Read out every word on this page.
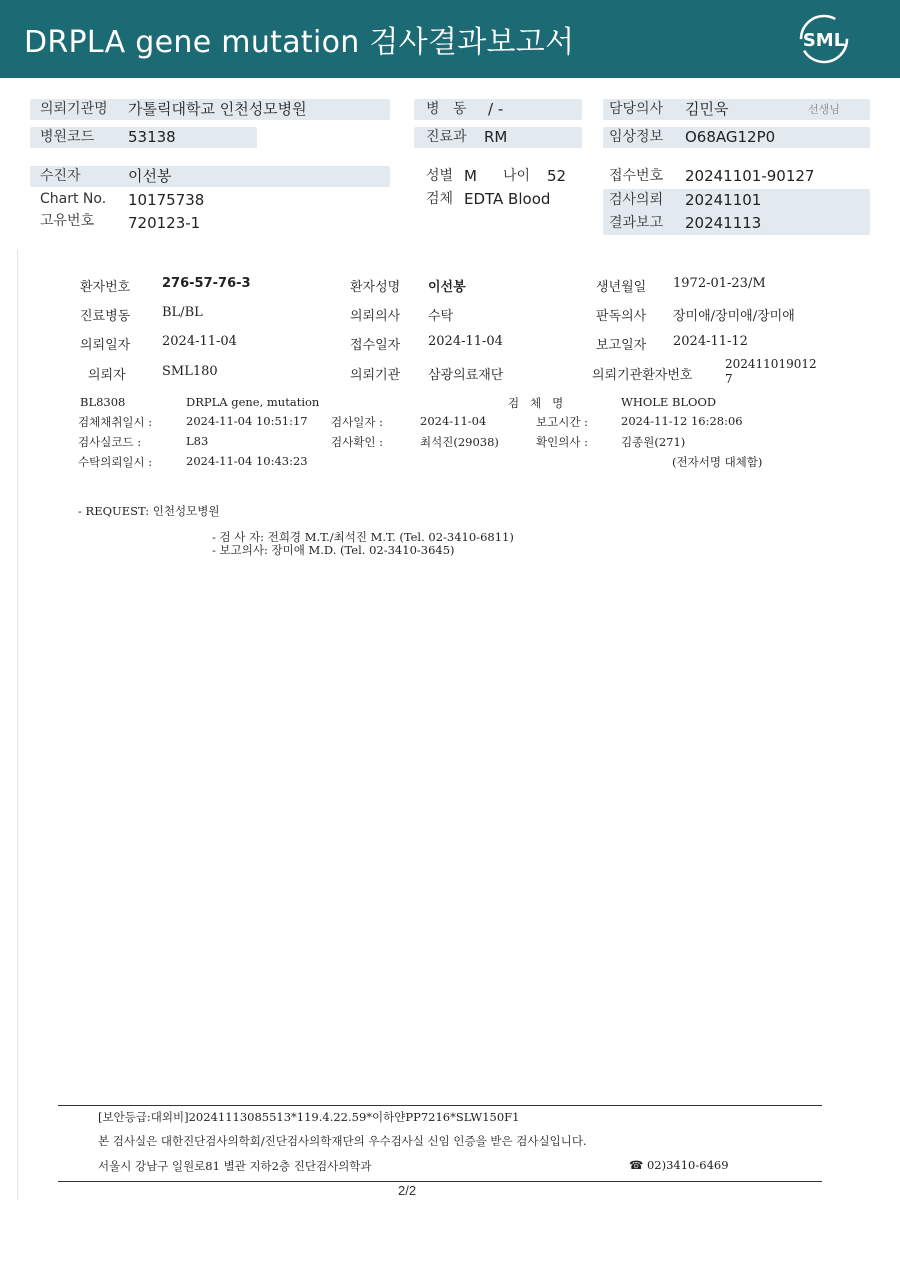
DRPLA gene mutation 검사결과보고서	SML
의뢰기관명 가톨릭대학교 인천성모병원
병원코드 53138
병   동 / -
진료과 RM
담당의사 김민욱	선생님
임상정보 O68AG12P0
수진자	이선봉	성별 M 나이 52	접수번호 20241101-90127
Chart No. 10175738	검체 EDTA Blood	검사의뢰 20241101
고유번호 720123-1	결과보고 20241113
환자번호 276-57-76-3	환자성명 이선봉	생년월일 1972-01-23/M
진료병동 BL/BL	의뢰의사 수탁	판독의사 장미애/장미애/장미애
의뢰일자 2024-11-04	접수일자 2024-11-04	보고일자 2024-11-12
의뢰자	SML180	의뢰기관 삼광의료재단	의뢰기관환자번호
202411019012
7
BL8308	DRPLA gene, mutation	검   체   명	WHOLE BLOOD
검체채취일시 :	2024-11-04 10:51:17 검사일자 :	2024-11-04	보고시간 :	2024-11-12 16:28:06
검사실코드 :	L83	검사확인 :	최석진(29038)	확인의사 :	김종원(271)
수탁의뢰일시 :	2024-11-04 10:43:23	(전자서명 대체함)
- REQUEST: 인천성모병원
- 검 사 자: 전희경 M.T./최석진 M.T. (Tel. 02-3410-6811)
- 보고의사: 장미애 M.D. (Tel. 02-3410-3645)
[보안등급:대외비]20241113085513*119.4.22.59*이하얀PP7216*SLW150F1
본 검사실은 대한진단검사의학회/진단검사의학재단의 우수검사실 신임 인증을 받은 검사실입니다.
서울시 강남구 일원로81 별관 지하2층 진단검사의학과	☎ 02)3410-6469
2/2
